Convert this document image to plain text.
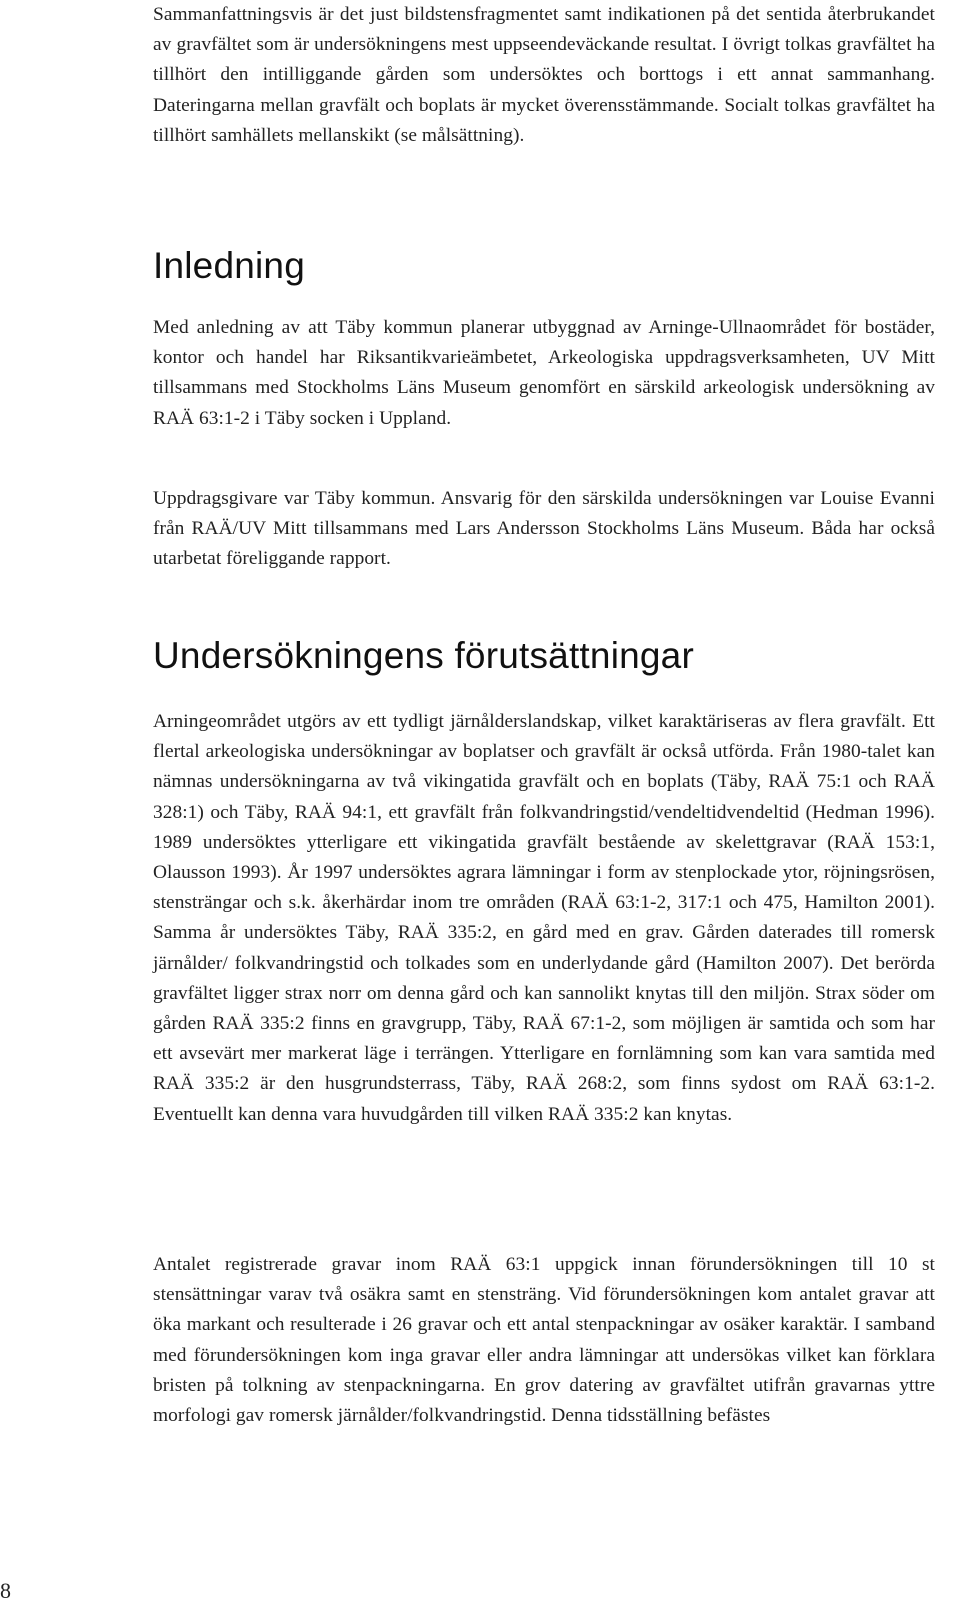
Sammanfattningsvis är det just bildstensfragmentet samt indikationen på det sentida återbrukandet av gravfältet som är undersökningens mest uppseendeväckande resultat. I övrigt tolkas gravfältet ha tillhört den intilliggande gården som undersöktes och borttogs i ett annat sammanhang. Dateringarna mellan gravfält och boplats är mycket överensstämmande. Socialt tolkas gravfältet ha tillhört samhällets mellanskikt (se målsättning).

Inledning

Med anledning av att Täby kommun planerar utbyggnad av Arninge-Ullnaområdet för bostäder, kontor och handel har Riksantikvarieämbetet, Arkeologiska uppdragsverksamheten, UV Mitt tillsammans med Stockholms Läns Museum genomfört en särskild arkeologisk undersökning av RAÄ 63:1-2 i Täby socken i Uppland.

Uppdragsgivare var Täby kommun. Ansvarig för den särskilda undersökningen var Louise Evanni från RAÄ/UV Mitt tillsammans med Lars Andersson Stockholms Läns Museum. Båda har också utarbetat föreliggande rapport.

Undersökningens förutsättningar

Arningeområdet utgörs av ett tydligt järnålderslandskap, vilket karaktäriseras av flera gravfält. Ett flertal arkeologiska undersökningar av boplatser och gravfält är också utförda. Från 1980-talet kan nämnas undersökningarna av två vikingatida gravfält och en boplats (Täby, RAÄ 75:1 och RAÄ 328:1) och Täby, RAÄ 94:1, ett gravfält från folkvandringstid/vendeltidvendeltid (Hedman 1996). 1989 undersöktes ytterligare ett vikingatida gravfält bestående av skelettgravar (RAÄ 153:1, Olausson 1993). År 1997 undersöktes agrara lämningar i form av stenplockade ytor, röjningsrösen, stensträngar och s.k. åkerhärdar inom tre områden (RAÄ 63:1-2, 317:1 och 475, Hamilton 2001). Samma år undersöktes Täby, RAÄ 335:2, en gård med en grav. Gården daterades till romersk järnålder/ folkvandringstid och tolkades som en underlydande gård (Hamilton 2007). Det berörda gravfältet ligger strax norr om denna gård och kan sannolikt knytas till den miljön. Strax söder om gården RAÄ 335:2 finns en gravgrupp, Täby, RAÄ 67:1-2, som möjligen är samtida och som har ett avsevärt mer markerat läge i terrängen. Ytterligare en fornlämning som kan vara samtida med RAÄ 335:2 är den husgrundsterrass, Täby, RAÄ 268:2, som finns sydost om RAÄ 63:1-2. Eventuellt kan denna vara huvudgården till vilken RAÄ 335:2 kan knytas.

Antalet registrerade gravar inom RAÄ 63:1 uppgick innan förundersökningen till 10 st stensättningar varav två osäkra samt en stensträng. Vid förundersökningen kom antalet gravar att öka markant och resulterade i 26 gravar och ett antal stenpackningar av osäker karaktär. I samband med förundersökningen kom inga gravar eller andra lämningar att undersökas vilket kan förklara bristen på tolkning av stenpackningarna. En grov datering av gravfältet utifrån gravarnas yttre morfologi gav romersk järnålder/folkvandringstid. Denna tidsställning befästes

8
